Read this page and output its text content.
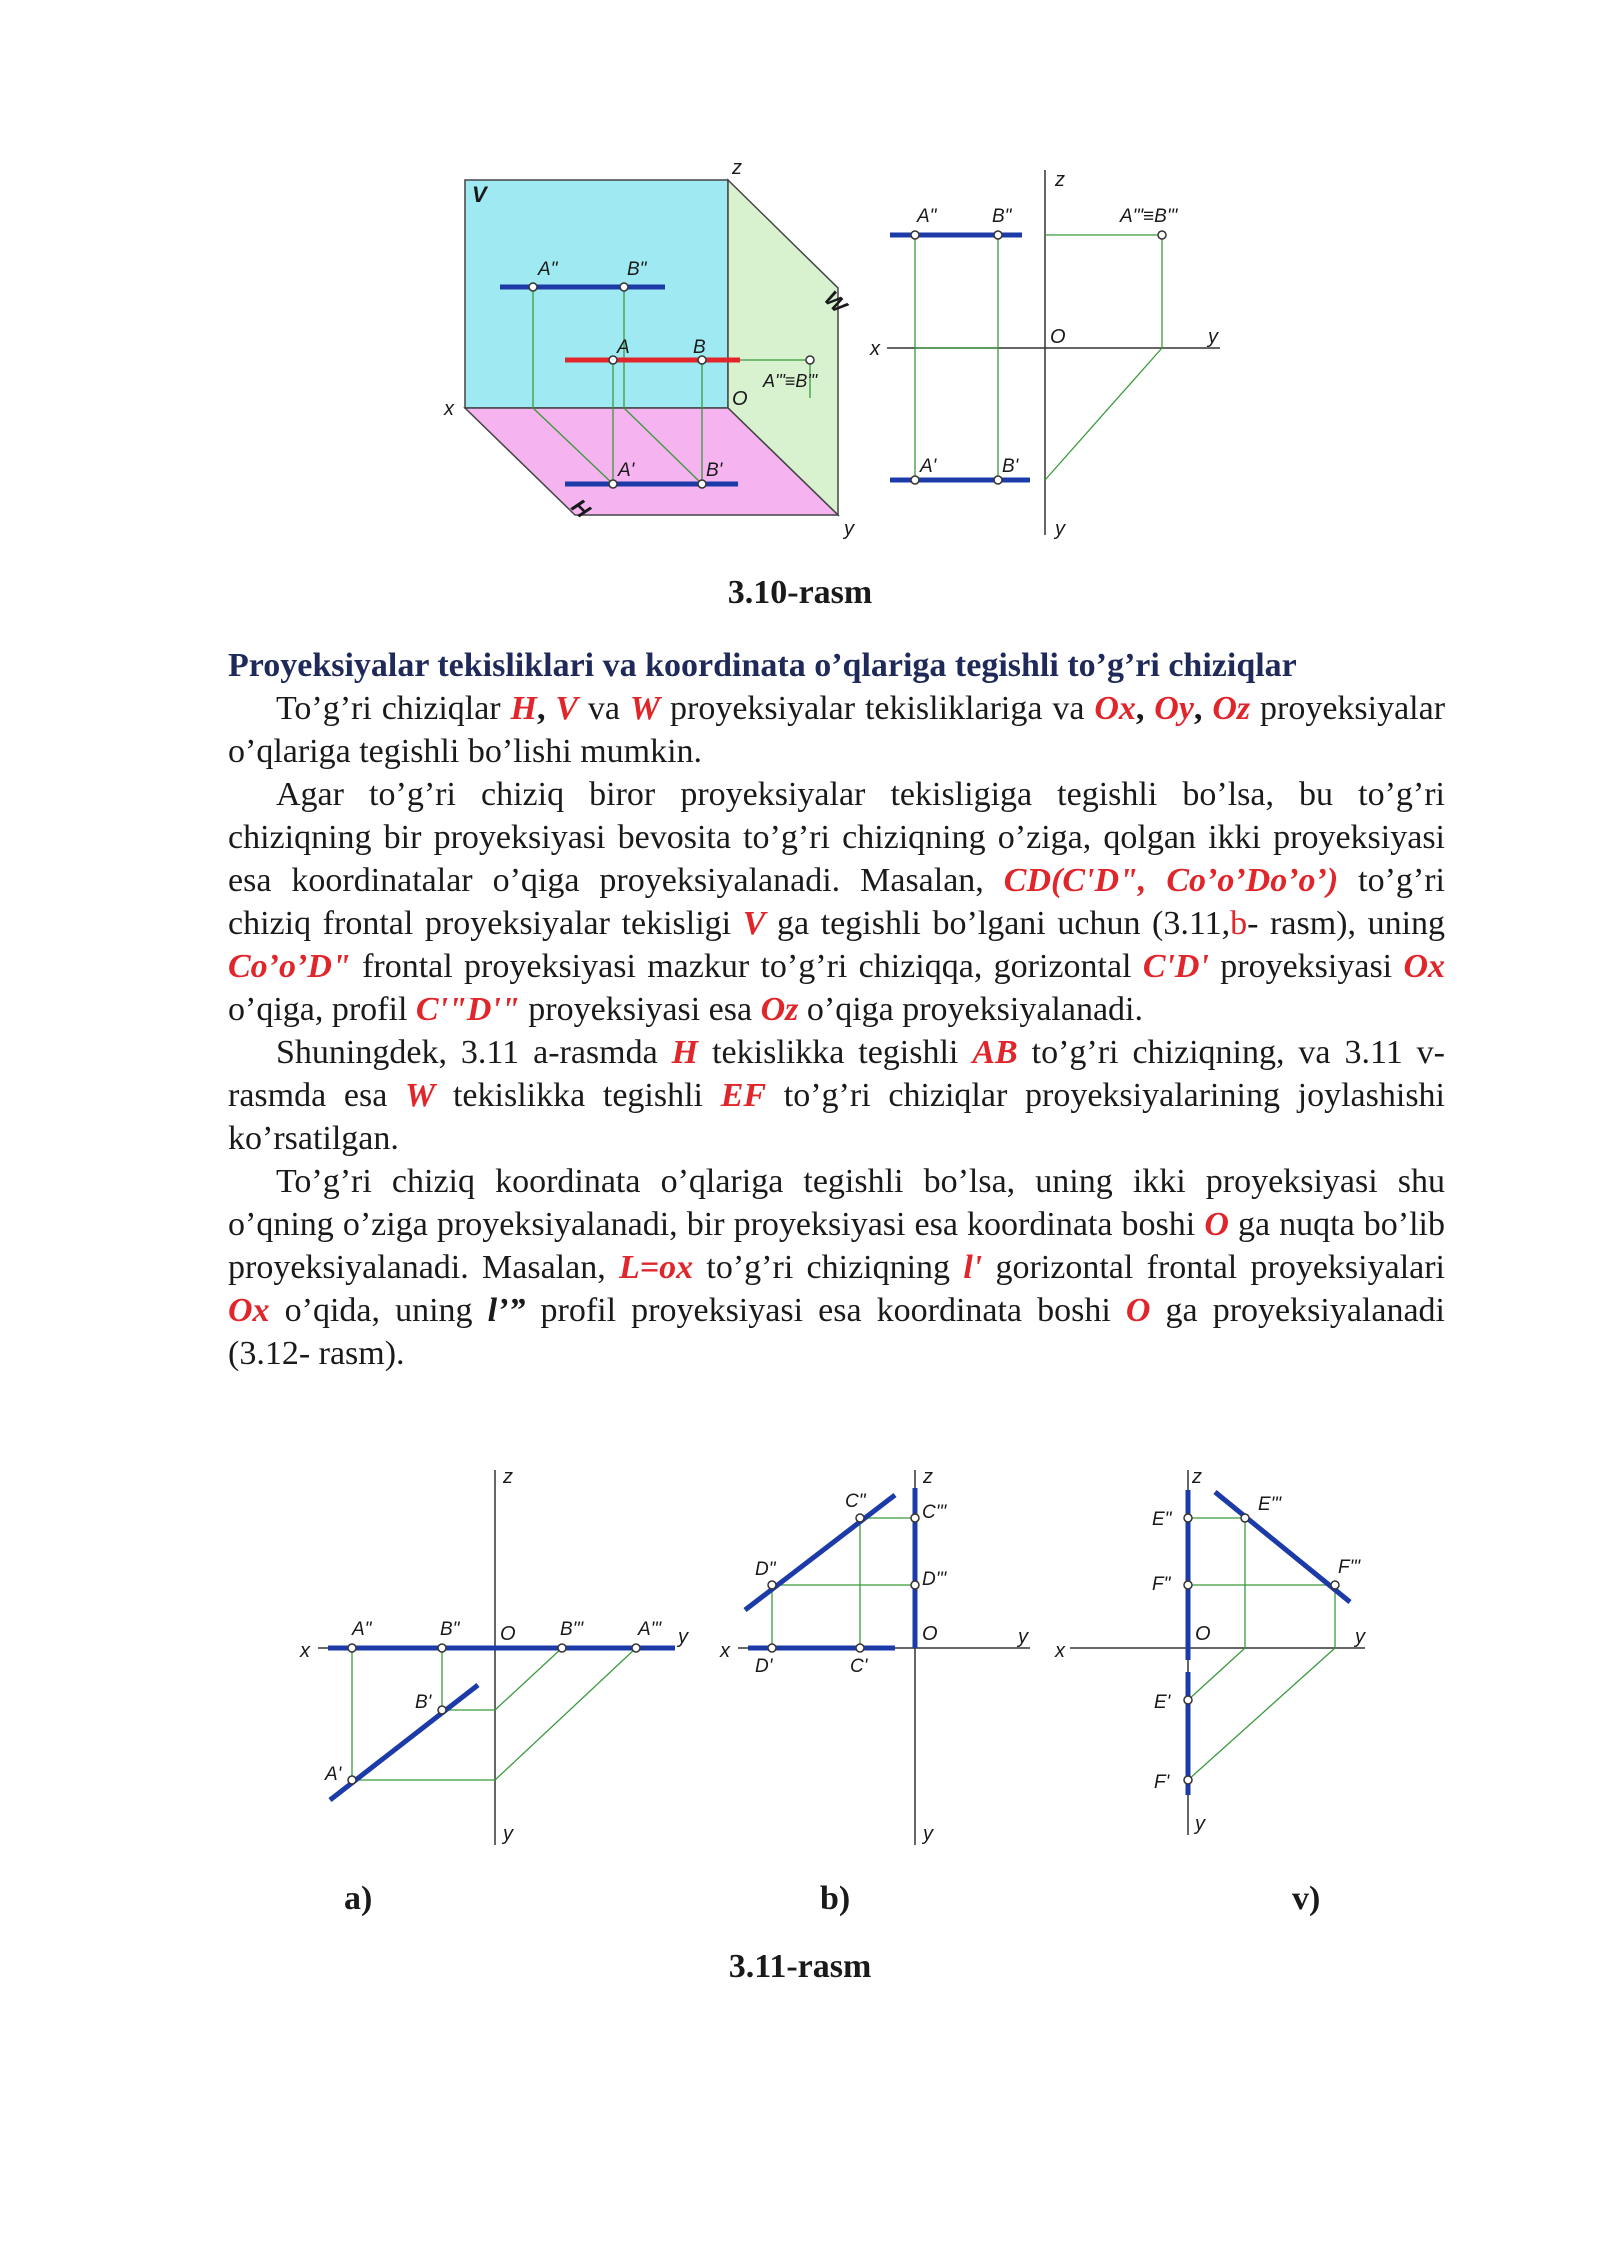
V
W
H
z
x
y
O
A"	B"
A	B
A'	B'
A'"≡B'"
z
x
y
y
O
A"	B"	A'"≡B'"
A'	B'
3.10-rasm
Proyeksiyalar tekisliklari va koordinata o’qlariga tegishli to’g’ri chiziqlar

To’g’ri chiziqlar H, V va W proyeksiyalar tekisliklariga va Ox, Oy, Oz proyeksiyalar o’qlariga tegishli bo’lishi mumkin.

Agar to’g’ri chiziq biror proyeksiyalar tekisligiga tegishli bo’lsa, bu to’g’ri chiziqning bir proyeksiyasi bevosita to’g’ri chiziqning o’ziga, qolgan ikki proyeksiyasi esa koordinatalar o’qiga proyeksiyalanadi. Masalan, CD(C'D", Co’o’Do’o’) to’g’ri chiziq frontal proyeksiyalar tekisligi V ga tegishli bo’lgani uchun (3.11,b- rasm), uning Co’o’D" frontal proyeksiyasi mazkur to’g’ri chiziqqa, gorizontal C'D' proyeksiyasi Ox o’qiga, profil C'"D'" proyeksiyasi esa Oz o’qiga proyeksiyalanadi.

Shuningdek, 3.11 a-rasmda H tekislikka tegishli AB to’g’ri chiziqning, va 3.11 v-rasmda esa W tekislikka tegishli EF to’g’ri chiziqlar proyeksiyalarining joylashishi ko’rsatilgan.

To’g’ri chiziq koordinata o’qlariga tegishli bo’lsa, uning ikki proyeksiyasi shu o’qning o’ziga proyeksiyalanadi, bir proyeksiyasi esa koordinata boshi O ga nuqta bo’lib proyeksiyalanadi. Masalan, L=ox to’g’ri chiziqning l' gorizontal frontal proyeksiyalari Ox o’qida, uning l’” profil proyeksiyasi esa koordinata boshi O ga proyeksiyalanadi (3.12- rasm).

z
x
y
y
O
A"	B"	B'"	A'"
B'
A'
z
x
y
y
O
C"
C'"
D"	D'"
D'	C'
z
x
y
y
O
E"
E'"
F"
F'"
E'
F'
a)	b)	v)
3.11-rasm
